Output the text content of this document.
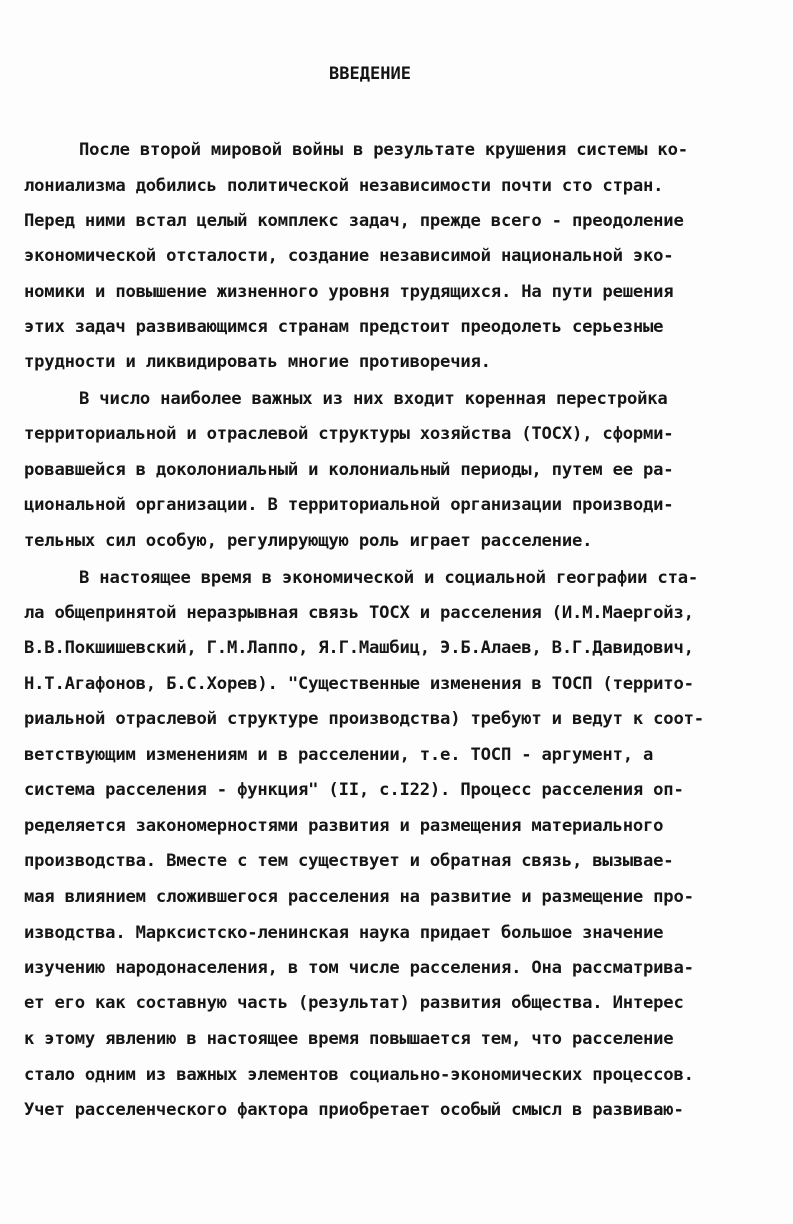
ВВЕДЕНИЕ
После второй мировой войны в результате крушения системы ко-
лониализма добились политической независимости почти сто стран.
Перед ними встал целый комплекс задач, прежде всего - преодоление
экономической отсталости, создание независимой национальной эко-
номики и повышение жизненного уровня трудящихся. На пути решения
этих задач развивающимся странам предстоит преодолеть серьезные
трудности и ликвидировать многие противоречия.
В число наиболее важных из них входит коренная перестройка
территориальной и отраслевой структуры хозяйства (ТОСХ), сформи-
ровавшейся в доколониальный и колониальный периоды, путем ее ра-
циональной организации. В территориальной организации производи-
тельных сил особую, регулирующую роль играет расселение.
В настоящее время в экономической и социальной географии ста-
ла общепринятой неразрывная связь ТОСХ и расселения (И.М.Маергойз,
В.В.Покшишевский, Г.М.Лаппо, Я.Г.Машбиц, Э.Б.Алаев, В.Г.Давидович,
Н.Т.Агафонов, Б.С.Хорев). "Существенные изменения в ТОСП (террито-
риальной отраслевой структуре производства) требуют и ведут к соот-
ветствующим изменениям и в расселении, т.е. ТОСП - аргумент, а
система расселения - функция" (II, с.I22). Процесс расселения оп-
ределяется закономерностями развития и размещения материального
производства. Вместе с тем существует и обратная связь, вызывае-
мая влиянием сложившегося расселения на развитие и размещение про-
изводства. Марксистско-ленинская наука придает большое значение
изучению народонаселения, в том числе расселения. Она рассматрива-
ет его как составную часть (результат) развития общества. Интерес
к этому явлению в настоящее время повышается тем, что расселение
стало одним из важных элементов социально-экономических процессов.
Учет расселенческого фактора приобретает особый смысл в развиваю-
